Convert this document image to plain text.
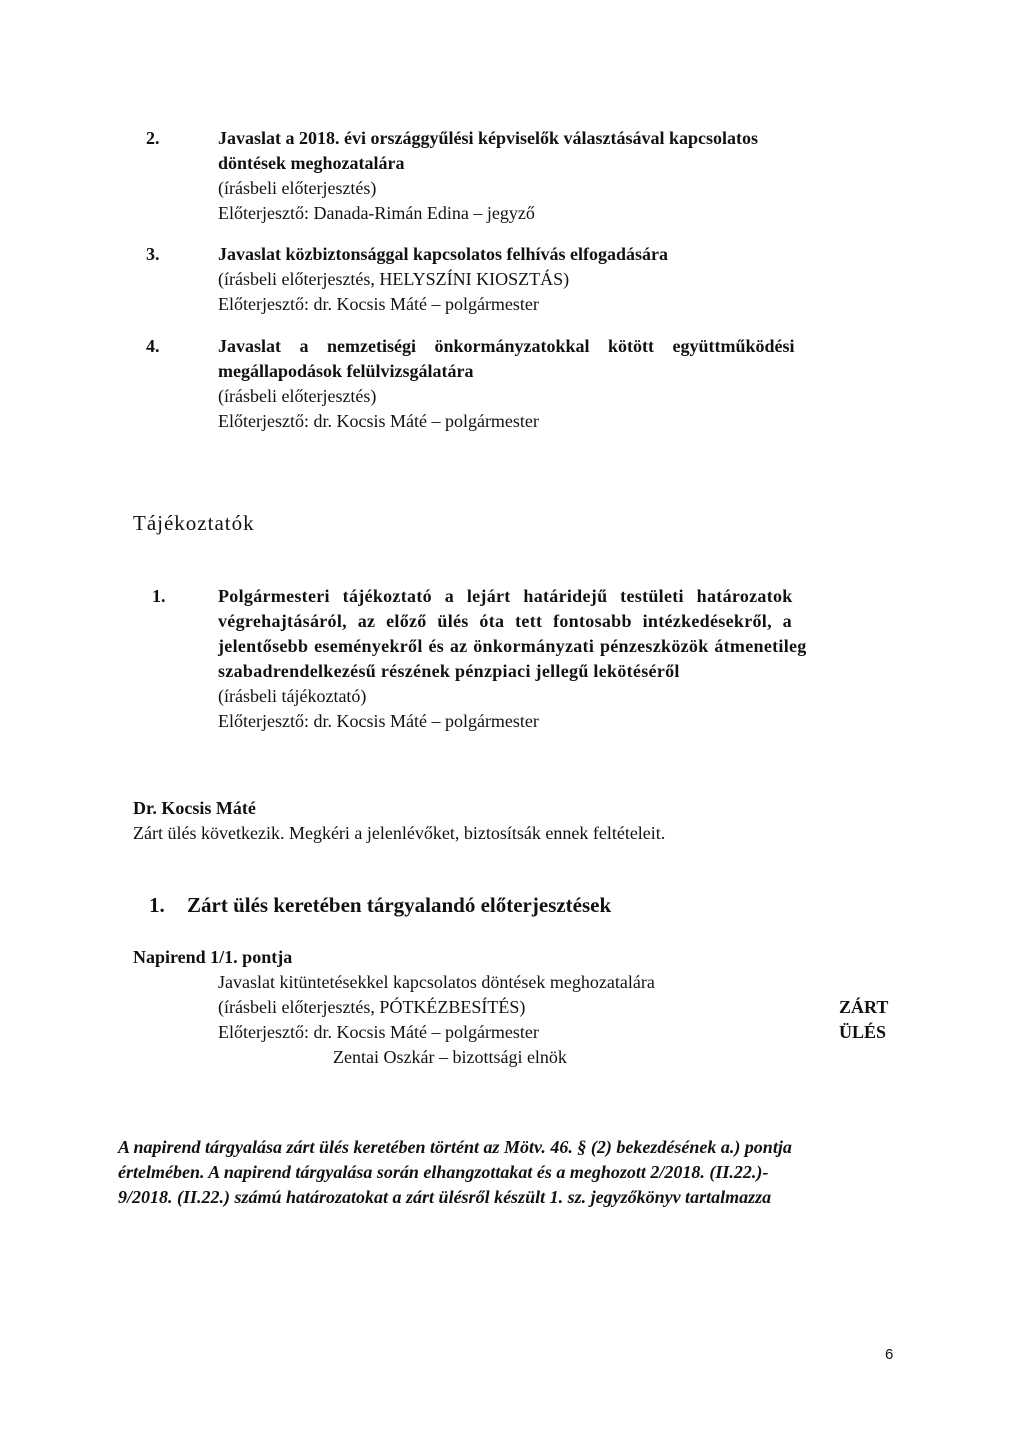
2.	Javaslat a 2018. évi országgyűlési képviselők választásával kapcsolatos
döntések meghozatalára
(írásbeli előterjesztés)
Előterjesztő: Danada-Rimán Edina – jegyző
3.	Javaslat közbiztonsággal kapcsolatos felhívás elfogadására
(írásbeli előterjesztés, HELYSZÍNI KIOSZTÁS)
Előterjesztő: dr. Kocsis Máté – polgármester
4.	Javaslat a nemzetiségi önkormányzatokkal kötött együttműködési
megállapodások felülvizsgálatára
(írásbeli előterjesztés)
Előterjesztő: dr. Kocsis Máté – polgármester
Tájékoztatók
1.	Polgármesteri tájékoztató a lejárt határidejű testületi határozatok
végrehajtásáról, az előző ülés óta tett fontosabb intézkedésekről, a
jelentősebb eseményekről és az önkormányzati pénzeszközök átmenetileg
szabadrendelkezésű részének pénzpiaci jellegű lekötéséről
(írásbeli tájékoztató)
Előterjesztő: dr. Kocsis Máté – polgármester
Dr. Kocsis Máté
Zárt ülés következik. Megkéri a jelenlévőket, biztosítsák ennek feltételeit.
1. Zárt ülés keretében tárgyalandó előterjesztések
Napirend 1/1. pontja
Javaslat kitüntetésekkel kapcsolatos döntések meghozatalára
(írásbeli előterjesztés, PÓTKÉZBESÍTÉS)	ZÁRT ÜLÉS
Előterjesztő: dr. Kocsis Máté – polgármester
Zentai Oszkár – bizottsági elnök
A napirend tárgyalása zárt ülés keretében történt az Mötv. 46. § (2) bekezdésének a.) pontja
értelmében. A napirend tárgyalása során elhangzottakat és a meghozott 2/2018. (II.22.)-
9/2018. (II.22.) számú határozatokat a zárt ülésről készült 1. sz. jegyzőkönyv tartalmazza
6
